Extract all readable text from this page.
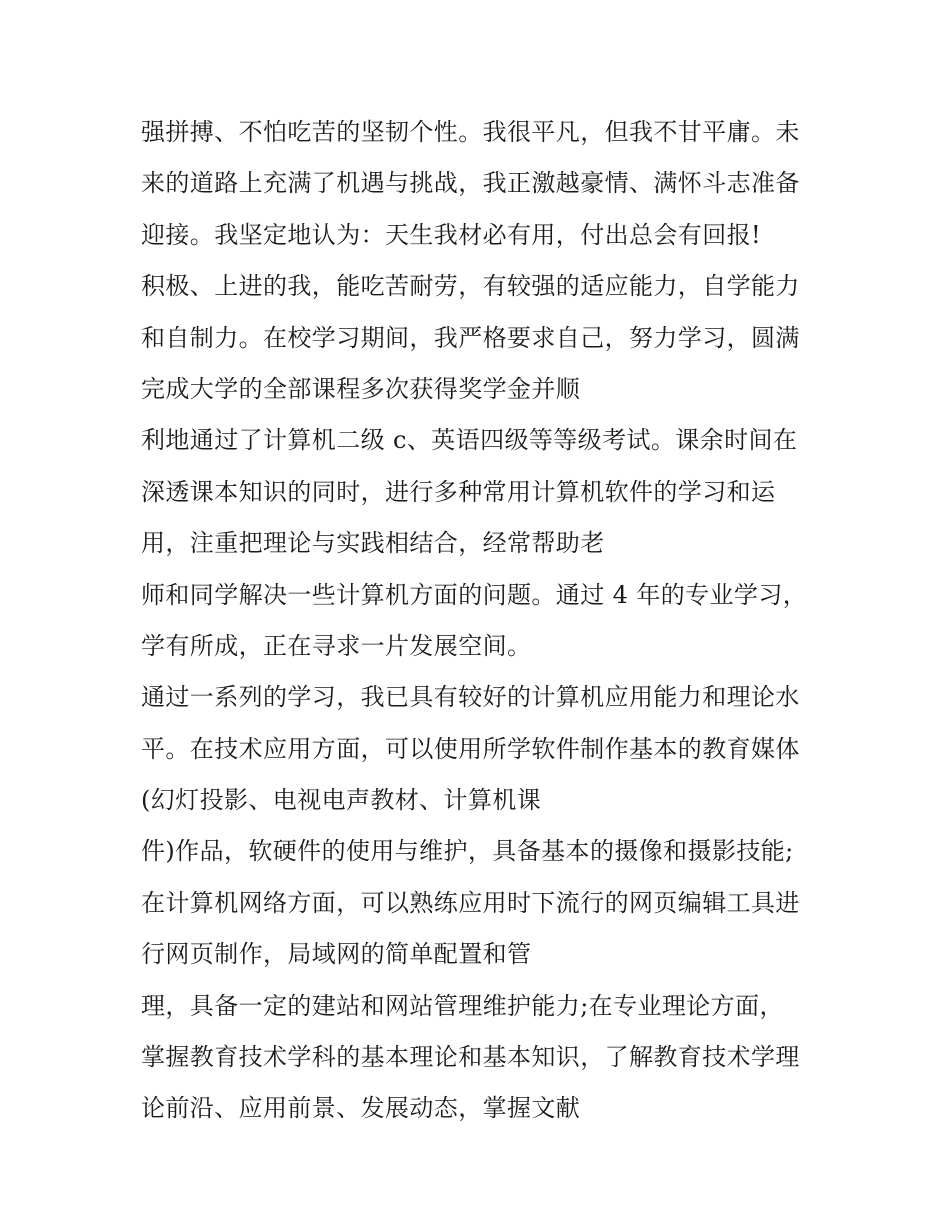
强拼搏、不怕吃苦的坚韧个性。我很平凡，但我不甘平庸。未
来的道路上充满了机遇与挑战，我正激越豪情、满怀斗志准备
迎接。我坚定地认为：天生我材必有用，付出总会有回报!
积极、上进的我，能吃苦耐劳，有较强的适应能力，自学能力
和自制力。在校学习期间，我严格要求自己，努力学习，圆满
完成大学的全部课程多次获得奖学金并顺
利地通过了计算机二级 c、英语四级等等级考试。课余时间在
深透课本知识的同时，进行多种常用计算机软件的学习和运
用，注重把理论与实践相结合，经常帮助老
师和同学解决一些计算机方面的问题。通过 4 年的专业学习，
学有所成，正在寻求一片发展空间。
通过一系列的学习，我已具有较好的计算机应用能力和理论水
平。在技术应用方面，可以使用所学软件制作基本的教育媒体
(幻灯投影、电视电声教材、计算机课
件)作品，软硬件的使用与维护，具备基本的摄像和摄影技能;
在计算机网络方面，可以熟练应用时下流行的网页编辑工具进
行网页制作，局域网的简单配置和管
理，具备一定的建站和网站管理维护能力;在专业理论方面，
掌握教育技术学科的基本理论和基本知识，了解教育技术学理
论前沿、应用前景、发展动态，掌握文献
